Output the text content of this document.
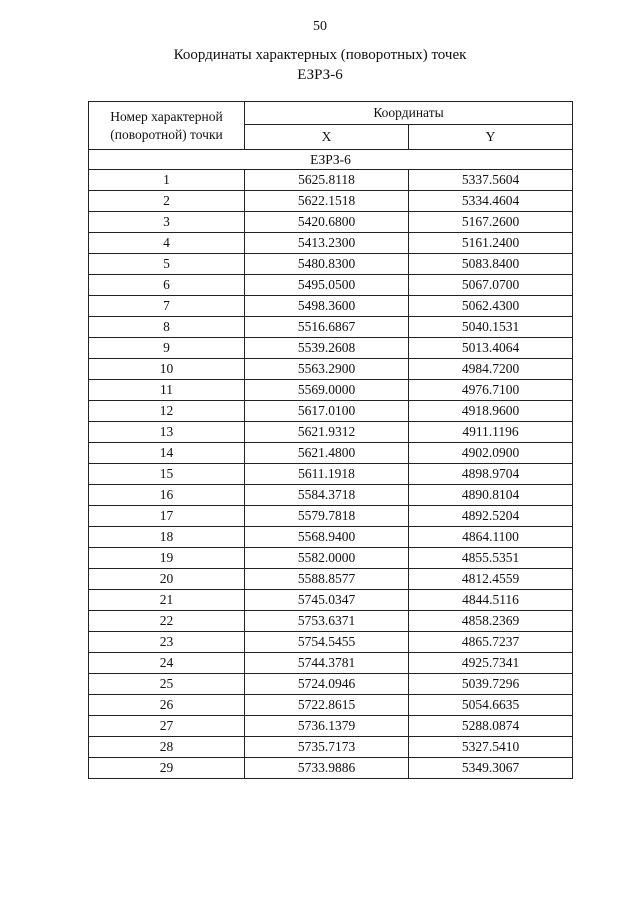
50
Координаты характерных (поворотных) точек
ЕЗРЗ-6
Номер характерной (поворотной) точки	Координаты	
	X	Y
ЕЗРЗ-6		
1	5625.8118	5337.5604
2	5622.1518	5334.4604
3	5420.6800	5167.2600
4	5413.2300	5161.2400
5	5480.8300	5083.8400
6	5495.0500	5067.0700
7	5498.3600	5062.4300
8	5516.6867	5040.1531
9	5539.2608	5013.4064
10	5563.2900	4984.7200
11	5569.0000	4976.7100
12	5617.0100	4918.9600
13	5621.9312	4911.1196
14	5621.4800	4902.0900
15	5611.1918	4898.9704
16	5584.3718	4890.8104
17	5579.7818	4892.5204
18	5568.9400	4864.1100
19	5582.0000	4855.5351
20	5588.8577	4812.4559
21	5745.0347	4844.5116
22	5753.6371	4858.2369
23	5754.5455	4865.7237
24	5744.3781	4925.7341
25	5724.0946	5039.7296
26	5722.8615	5054.6635
27	5736.1379	5288.0874
28	5735.7173	5327.5410
29	5733.9886	5349.3067
